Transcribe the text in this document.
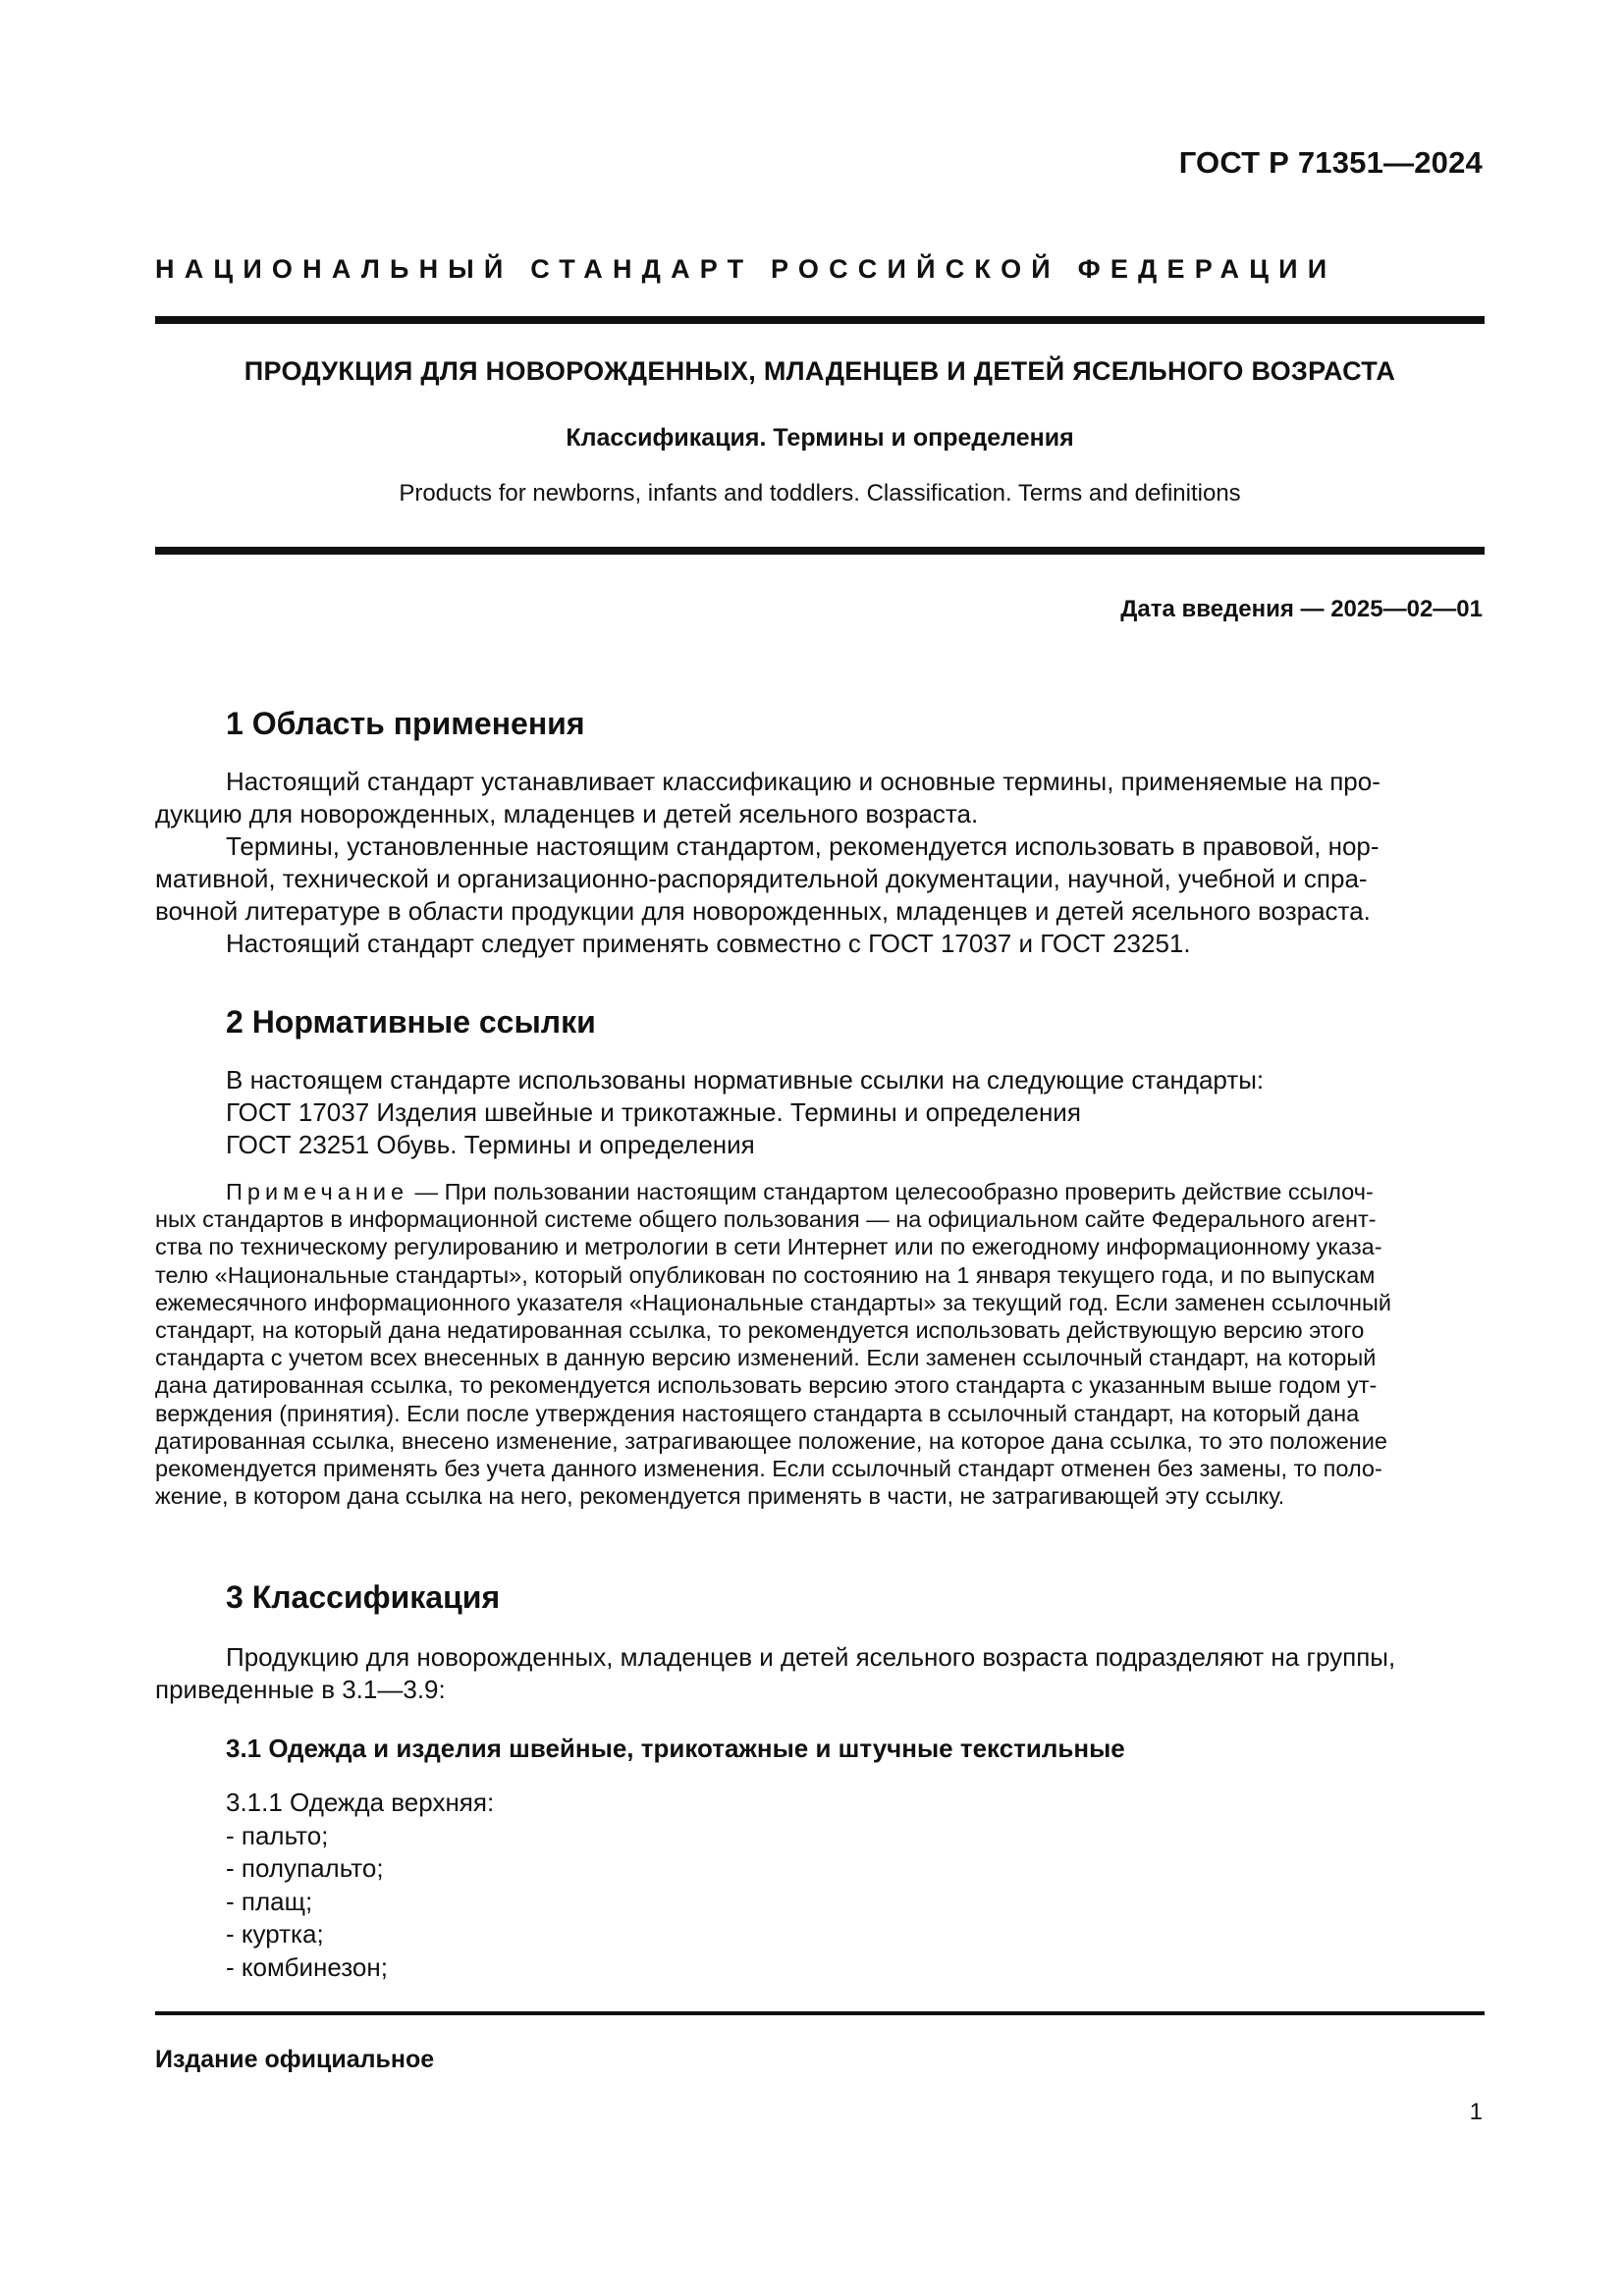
ГОСТ Р 71351—2024
НАЦИОНАЛЬНЫЙ СТАНДАРТ РОССИЙСКОЙ ФЕДЕРАЦИИ
ПРОДУКЦИЯ ДЛЯ НОВОРОЖДЕННЫХ, МЛАДЕНЦЕВ И ДЕТЕЙ ЯСЕЛЬНОГО ВОЗРАСТА
Классификация. Термины и определения
Products for newborns, infants and toddlers. Classification. Terms and definitions
Дата введения — 2025—02—01
1 Область применения
Настоящий стандарт устанавливает классификацию и основные термины, применяемые на про-
дукцию для новорожденных, младенцев и детей ясельного возраста.
Термины, установленные настоящим стандартом, рекомендуется использовать в правовой, нор-
мативной, технической и организационно-распорядительной документации, научной, учебной и спра-
вочной литературе в области продукции для новорожденных, младенцев и детей ясельного возраста.
Настоящий стандарт следует применять совместно с ГОСТ 17037 и ГОСТ 23251.
2 Нормативные ссылки
В настоящем стандарте использованы нормативные ссылки на следующие стандарты:
ГОСТ 17037 Изделия швейные и трикотажные. Термины и определения
ГОСТ 23251 Обувь. Термины и определения
Примечание — При пользовании настоящим стандартом целесообразно проверить действие ссылоч-
ных стандартов в информационной системе общего пользования — на официальном сайте Федерального агент-
ства по техническому регулированию и метрологии в сети Интернет или по ежегодному информационному указа-
телю «Национальные стандарты», который опубликован по состоянию на 1 января текущего года, и по выпускам
ежемесячного информационного указателя «Национальные стандарты» за текущий год. Если заменен ссылочный
стандарт, на который дана недатированная ссылка, то рекомендуется использовать действующую версию этого
стандарта с учетом всех внесенных в данную версию изменений. Если заменен ссылочный стандарт, на который
дана датированная ссылка, то рекомендуется использовать версию этого стандарта с указанным выше годом ут-
верждения (принятия). Если после утверждения настоящего стандарта в ссылочный стандарт, на который дана
датированная ссылка, внесено изменение, затрагивающее положение, на которое дана ссылка, то это положение
рекомендуется применять без учета данного изменения. Если ссылочный стандарт отменен без замены, то поло-
жение, в котором дана ссылка на него, рекомендуется применять в части, не затрагивающей эту ссылку.
3 Классификация
Продукцию для новорожденных, младенцев и детей ясельного возраста подразделяют на группы,
приведенные в 3.1—3.9:
3.1 Одежда и изделия швейные, трикотажные и штучные текстильные
3.1.1 Одежда верхняя:
- пальто;
- полупальто;
- плащ;
- куртка;
- комбинезон;
Издание официальное
1
